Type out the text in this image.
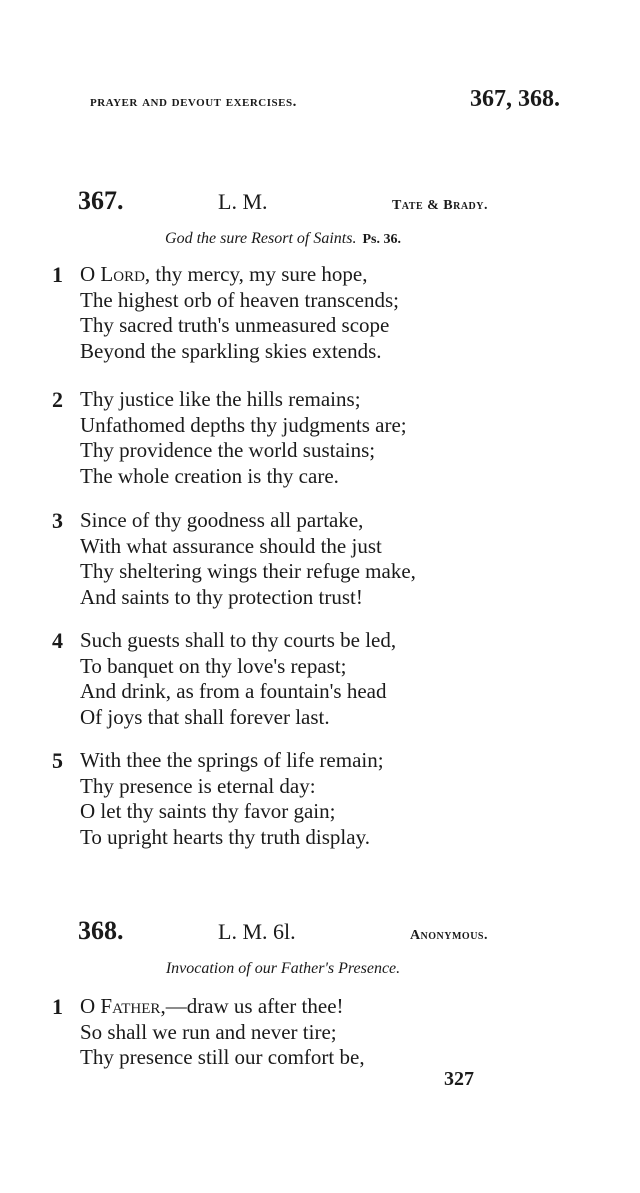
prayer and devout exercises.	367, 368.
367.	L. M.	Tate & Brady.
God the sure Resort of Saints. Ps. 36.
1 O Lord, thy mercy, my sure hope,
The highest orb of heaven transcends;
Thy sacred truth's unmeasured scope
Beyond the sparkling skies extends.
2 Thy justice like the hills remains;
Unfathomed depths thy judgments are;
Thy providence the world sustains;
The whole creation is thy care.
3 Since of thy goodness all partake,
With what assurance should the just
Thy sheltering wings their refuge make,
And saints to thy protection trust!
4 Such guests shall to thy courts be led,
To banquet on thy love's repast;
And drink, as from a fountain's head
Of joys that shall forever last.
5 With thee the springs of life remain;
Thy presence is eternal day:
O let thy saints thy favor gain;
To upright hearts thy truth display.
368.	L. M. 6l.	Anonymous.
Invocation of our Father's Presence.
1 O Father,—draw us after thee!
So shall we run and never tire;
Thy presence still our comfort be,
327
